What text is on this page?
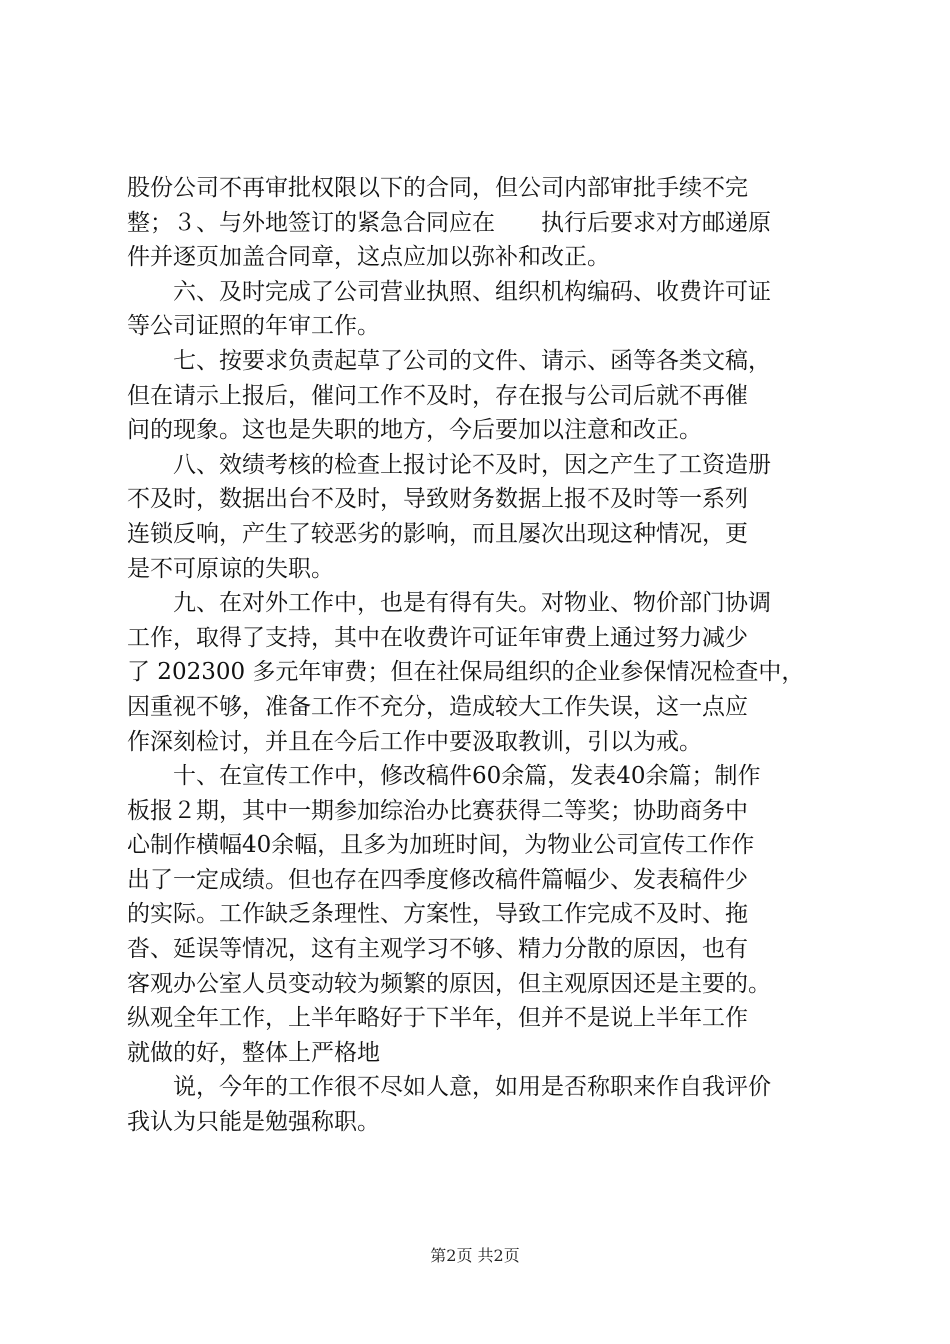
股份公司不再审批权限以下的合同，但公司内部审批手续不完
整；３、与外地签订的紧急合同应在　　执行后要求对方邮递原
件并逐页加盖合同章，这点应加以弥补和改正。
　　六、及时完成了公司营业执照、组织机构编码、收费许可证
等公司证照的年审工作。
　　七、按要求负责起草了公司的文件、请示、函等各类文稿，
但在请示上报后，催问工作不及时，存在报与公司后就不再催
问的现象。这也是失职的地方，今后要加以注意和改正。
　　八、效绩考核的检查上报讨论不及时，因之产生了工资造册
不及时，数据出台不及时，导致财务数据上报不及时等一系列
连锁反响，产生了较恶劣的影响，而且屡次出现这种情况，更
是不可原谅的失职。
　　九、在对外工作中，也是有得有失。对物业、物价部门协调
工作，取得了支持，其中在收费许可证年审费上通过努力减少
了 202300 多元年审费；但在社保局组织的企业参保情况检查中，
因重视不够，准备工作不充分，造成较大工作失误，这一点应
作深刻检讨，并且在今后工作中要汲取教训，引以为戒。
　　十、在宣传工作中，修改稿件60余篇，发表40余篇；制作
板报２期，其中一期参加综治办比赛获得二等奖；协助商务中
心制作横幅40余幅，且多为加班时间，为物业公司宣传工作作
出了一定成绩。但也存在四季度修改稿件篇幅少、发表稿件少
的实际。工作缺乏条理性、方案性，导致工作完成不及时、拖
沓、延误等情况，这有主观学习不够、精力分散的原因，也有
客观办公室人员变动较为频繁的原因，但主观原因还是主要的。
纵观全年工作，上半年略好于下半年，但并不是说上半年工作
就做的好，整体上严格地
　　说，今年的工作很不尽如人意，如用是否称职来作自我评价
我认为只能是勉强称职。
第2页 共2页
